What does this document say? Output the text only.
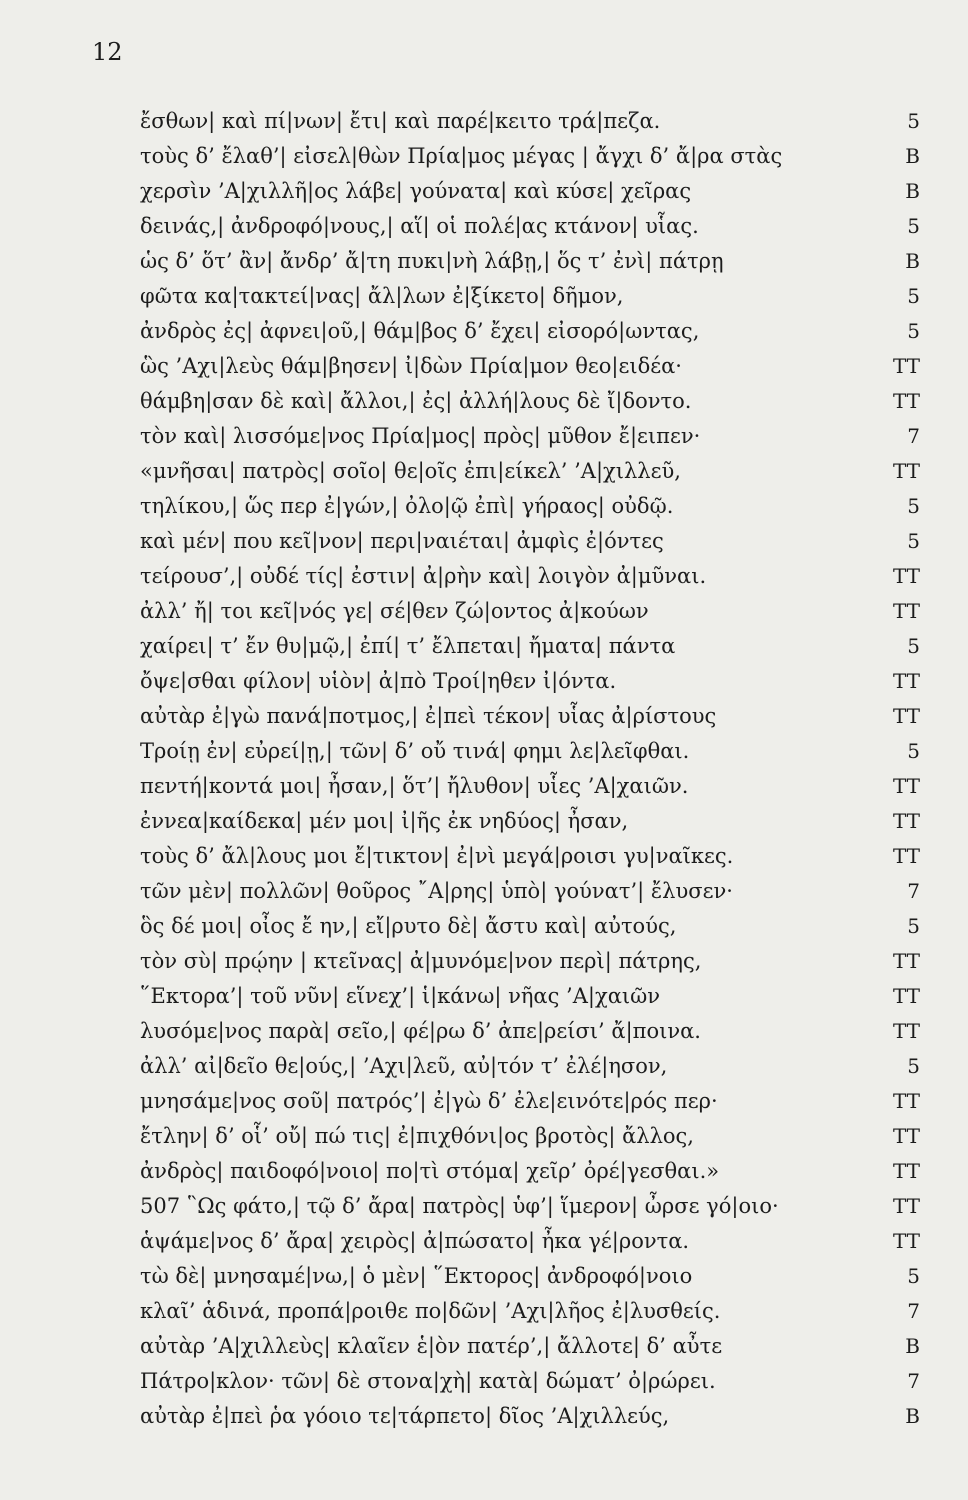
12
ἔσθων| καὶ πί|νων| ἔτι| καὶ παρέ|κειτο τρά|πεζα.	5
τοὺς δ’ ἔλαθ’| εἰσελ|θὼν Πρία|μος μέγας | ἄγχι δ’ ἄ|ρα στὰς	B
χερσὶν ’Α|χιλλῆ|ος λάβε| γούνατα| καὶ κύσε| χεῖρας	B
δεινάς,| ἀνδροφό|νους,| αἵ| οἱ πολέ|ας κτάνον| υἷας.	5
ὡς δ’ ὅτ’ ἂν| ἄνδρ’ ἄ|τη πυκι|νὴ λάβῃ,| ὅς τ’ ἐνὶ| πάτρῃ	B
φῶτα κα|τακτεί|νας| ἄλ|λων ἐ|ξίκετο| δῆμον,	5
ἀνδρὸς ἐς| ἀφνει|οῦ,| θάμ|βος δ’ ἔχει| εἰσορό|ωντας,	5
ὣς ’Αχι|λεὺς θάμ|βησεν| ἰ|δὼν Πρία|μον θεο|ειδέα·	TT
θάμβη|σαν δὲ καὶ| ἄλλοι,| ἐς| ἀλλή|λους δὲ ἴ|δοντο.	TT
τὸν καὶ| λισσόμε|νος Πρία|μος| πρὸς| μῦθον ἔ|ειπεν·	7
«μνῆσαι| πατρὸς| σοῖο| θε|οῖς ἐπι|είκελ’ ’Α|χιλλεῦ,	TT
τηλίκου,| ὥς περ ἐ|γών,| ὀλο|ῷ ἐπὶ| γήραος| οὐδῷ.	5
καὶ μέν| που κεῖ|νον| περι|ναιέται| ἀμφὶς ἐ|όντες	5
τείρουσ’,| οὐδέ τίς| ἐστιν| ἀ|ρὴν καὶ| λοιγὸν ἀ|μῦναι.	TT
ἀλλ’ ἤ| τοι κεῖ|νός γε| σέ|θεν ζώ|οντος ἀ|κούων	TT
χαίρει| τ’ ἔν θυ|μῷ,| ἐπί| τ’ ἔλπεται| ἤματα| πάντα	5
ὄψε|σθαι φίλον| υἱὸν| ἀ|πὸ Τροί|ηθεν ἰ|όντα.	TT
αὐτὰρ ἐ|γὼ πανά|ποτμος,| ἐ|πεὶ τέκον| υἷας ἀ|ρίστους	TT
Τροίῃ ἐν| εὐρεί|ῃ,| τῶν| δ’ οὔ τινά| φημι λε|λεῖφθαι.	5
πεντή|κοντά μοι| ἦσαν,| ὅτ’| ἤλυθον| υἷες ’Α|χαιῶν.	TT
ἐννεα|καίδεκα| μέν μοι| ἰ|ῆς ἐκ νηδύος| ἦσαν,	TT
τοὺς δ’ ἄλ|λους μοι ἔ|τικτον| ἐ|νὶ μεγά|ροισι γυ|ναῖκες.	TT
τῶν μὲν| πολλῶν| θοῦρος ῎Α|ρης| ὑπὸ| γούνατ’| ἔλυσεν·	7
ὃς δέ μοι| οἶος ἔ ην,| εἴ|ρυτο δὲ| ἄστυ καὶ| αὐτούς,	5
τὸν σὺ| πρῴην | κτεῖνας| ἀ|μυνόμε|νον περὶ| πάτρης,	TT
῞Εκτορα’| τοῦ νῦν| εἵνεχ’| ἱ|κάνω| νῆας ’Α|χαιῶν	TT
λυσόμε|νος παρὰ| σεῖο,| φέ|ρω δ’ ἀπε|ρείσι’ ἄ|ποινα.	TT
ἀλλ’ αἰ|δεῖο θε|ούς,| ’Αχι|λεῦ, αὐ|τόν τ’ ἐλέ|ησον,	5
μνησάμε|νος σοῦ| πατρός’| ἐ|γὼ δ’ ἐλε|εινότε|ρός περ·	TT
ἔτλην| δ’ οἷ’ οὔ| πώ τις| ἐ|πιχθόνι|ος βροτὸς| ἄλλος,	TT
ἀνδρὸς| παιδοφό|νοιο| πο|τὶ στόμα| χεῖρ’ ὀρέ|γεσθαι.»	TT
507 ῝Ως φάτο,| τῷ δ’ ἄρα| πατρὸς| ὑφ’| ἵμερον| ὦρσε γό|οιο·	TT
ἁψάμε|νος δ’ ἄρα| χειρὸς| ἀ|πώσατο| ἦκα γέ|ροντα.	TT
τὼ δὲ| μνησαμέ|νω,| ὁ μὲν| ῞Εκτορος| ἀνδροφό|νοιο	5
κλαῖ’ ἁδινά, προπά|ροιθε πο|δῶν| ’Αχι|λῆος ἐ|λυσθείς.	7
αὐτὰρ ’Α|χιλλεὺς| κλαῖεν ἑ|ὸν πατέρ’,| ἄλλοτε| δ’ αὖτε	B
Πάτρο|κλον· τῶν| δὲ στονα|χὴ| κατὰ| δώματ’ ὀ|ρώρει.	7
αὐτὰρ ἐ|πεὶ ῥα γόοιο τε|τάρπετο| δῖος ’Α|χιλλεύς,	B
